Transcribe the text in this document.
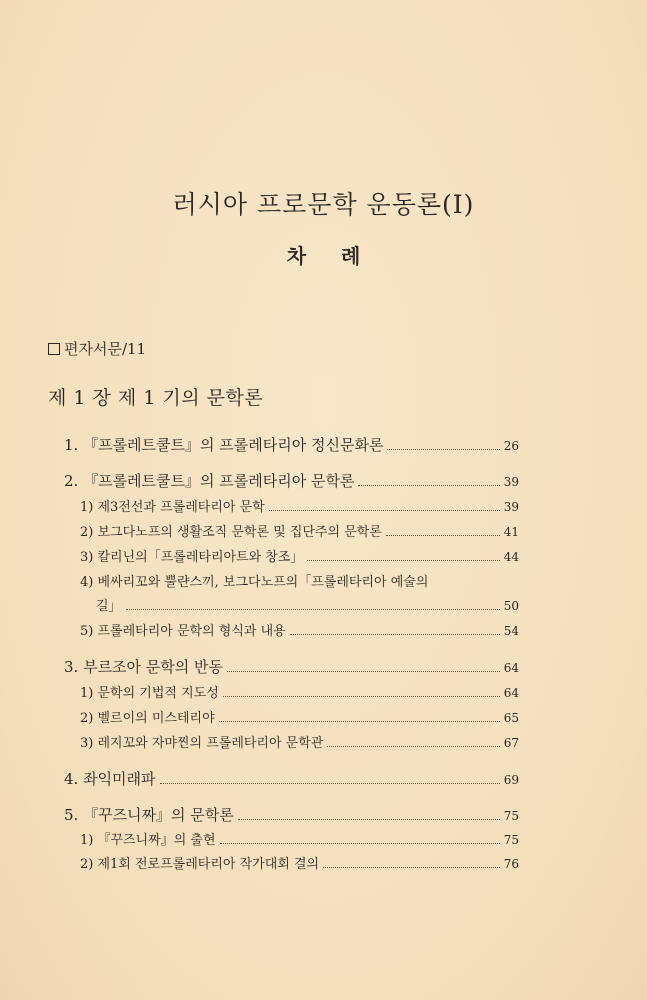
러시아 프로문학 운동론(Ⅰ)
차 례
편자서문/11
제 1 장 제 1 기의 문학론
1. 『프롤레트쿨트』의 프롤레타리아 정신문화론	26
2. 『프롤레트쿨트』의 프롤레타리아 문학론	39
1) 제3전선과 프롤레타리아 문학	39
2) 보그다노프의 생활조직 문학론 및 집단주의 문학론	41
3) 칼리닌의「프롤레타리아트와 창조」	44
4) 베싸리꼬와 뿔랸스끼, 보그다노프의「프롤레타리아 예술의
길」	50
5) 프롤레타리아 문학의 형식과 내용	54
3. 부르조아 문학의 반동	64
1) 문학의 기법적 지도성	64
2) 벨르이의 미스테리야	65
3) 레지꼬와 자먀찐의 프롤레타리아 문학관	67
4. 좌익미래파	69
5. 『꾸즈니짜』의 문학론	75
1) 『꾸즈니짜』의 출현	75
2) 제1회 전로프롤레타리아 작가대회 결의	76
